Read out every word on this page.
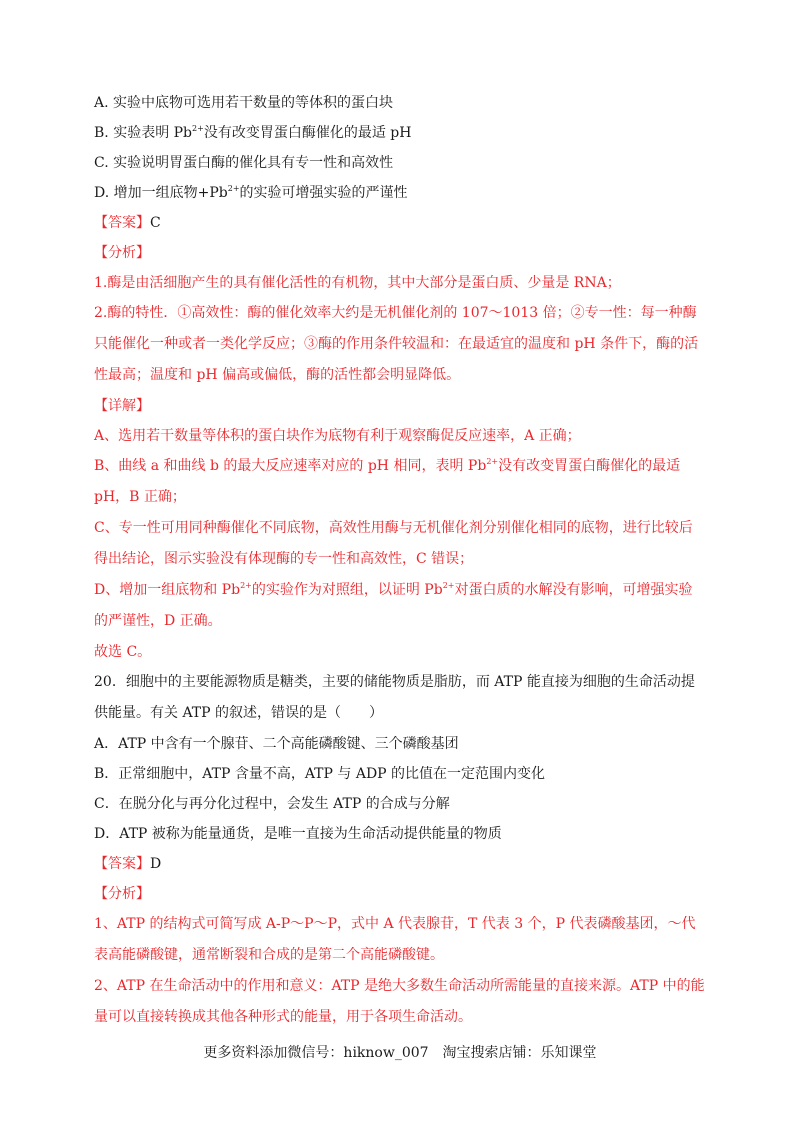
A. 实验中底物可选用若干数量的等体积的蛋白块
B. 实验表明 $Pb^{2+}$没有改变胃蛋白酶催化的最适 pH
C. 实验说明胃蛋白酶的催化具有专一性和高效性
D. 增加一组底物$+Pb^{2+}$的实验可增强实验的严谨性
【答案】C
【分析】
1.酶是由活细胞产生的具有催化活性的有机物，其中大部分是蛋白质、少量是 RNA；
2.酶的特性．①高效性：酶的催化效率大约是无机催化剂的 107～1013 倍；②专一性：每一种酶只能催化一种或者一类化学反应；③酶的作用条件较温和：在最适宜的温度和 pH 条件下，酶的活性最高；温度和 pH 偏高或偏低，酶的活性都会明显降低。
【详解】
A、选用若干数量等体积的蛋白块作为底物有利于观察酶促反应速率，A 正确；
B、曲线 a 和曲线 b 的最大反应速率对应的 pH 相同，表明 $Pb^{2+}$没有改变胃蛋白酶催化的最适 pH，B 正确；
C、专一性可用同种酶催化不同底物，高效性用酶与无机催化剂分别催化相同的底物，进行比较后得出结论，图示实验没有体现酶的专一性和高效性，C 错误；
D、增加一组底物和 $Pb^{2+}$的实验作为对照组，以证明 $Pb^{2+}$对蛋白质的水解没有影响，可增强实验的严谨性，D 正确。
故选 C。
20．细胞中的主要能源物质是糖类，主要的储能物质是脂肪，而 ATP 能直接为细胞的生命活动提供能量。有关 ATP 的叙述，错误的是（　　）
A．ATP 中含有一个腺苷、二个高能磷酸键、三个磷酸基团
B．正常细胞中，ATP 含量不高，ATP 与 ADP 的比值在一定范围内变化
C．在脱分化与再分化过程中，会发生 ATP 的合成与分解
D．ATP 被称为能量通货，是唯一直接为生命活动提供能量的物质
【答案】D
【分析】
1、ATP 的结构式可简写成 A-P～P～P，式中 A 代表腺苷，T 代表 3 个，P 代表磷酸基团，～代表高能磷酸键，通常断裂和合成的是第二个高能磷酸键。
2、ATP 在生命活动中的作用和意义：ATP 是绝大多数生命活动所需能量的直接来源。ATP 中的能量可以直接转换成其他各种形式的能量，用于各项生命活动。
更多资料添加微信号：hiknow_007　淘宝搜索店铺：乐知课堂
